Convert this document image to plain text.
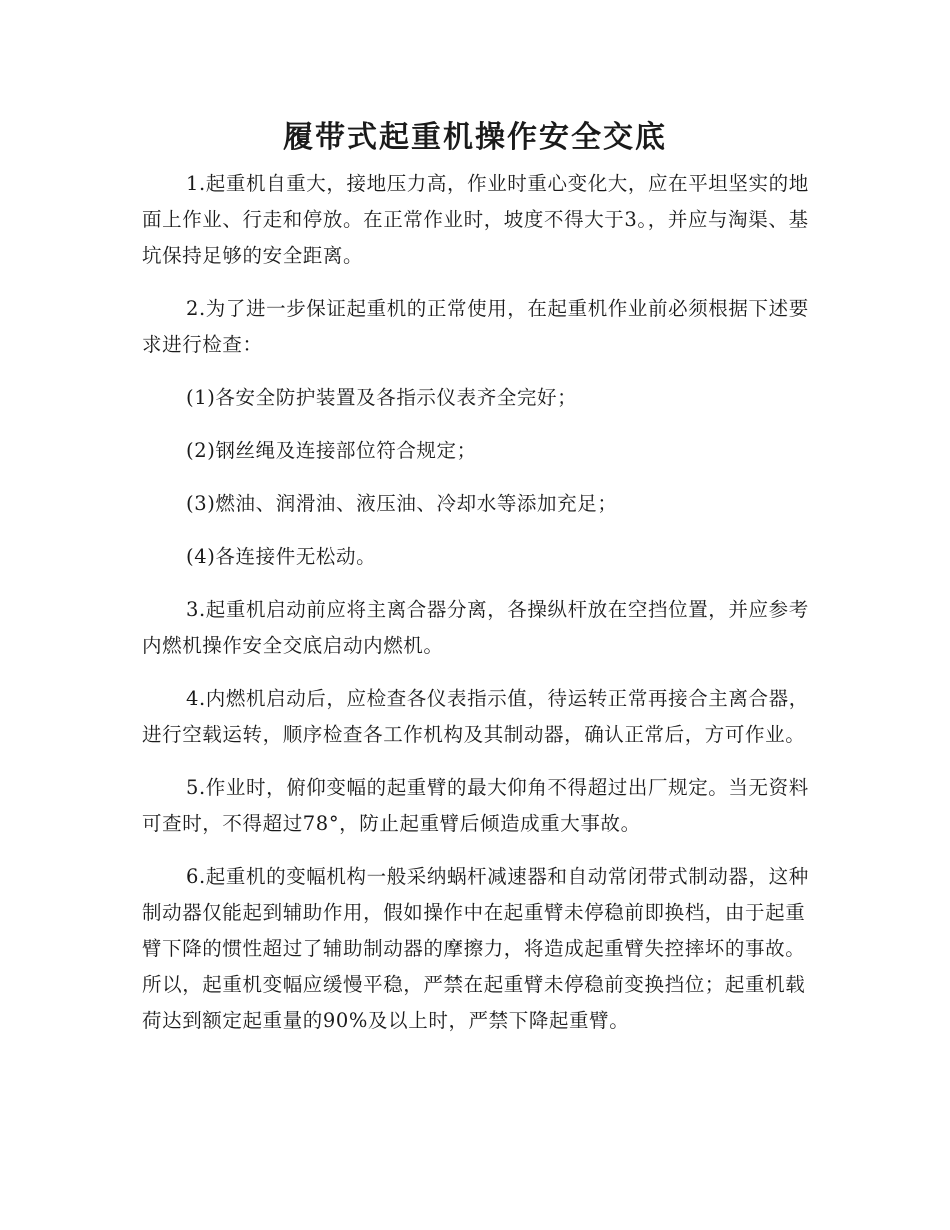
履带式起重机操作安全交底

1.起重机自重大，接地压力高，作业时重心变化大，应在平坦坚实的地面上作业、行走和停放。在正常作业时，坡度不得大于3。，并应与淘渠、基坑保持足够的安全距离。

2.为了进一步保证起重机的正常使用，在起重机作业前必须根据下述要求进行检查：

(1)各安全防护装置及各指示仪表齐全完好；

(2)钢丝绳及连接部位符合规定；

(3)燃油、润滑油、液压油、冷却水等添加充足；

(4)各连接件无松动。

3.起重机启动前应将主离合器分离，各操纵杆放在空挡位置，并应参考内燃机操作安全交底启动内燃机。

4.内燃机启动后，应检查各仪表指示值，待运转正常再接合主离合器，进行空载运转，顺序检查各工作机构及其制动器，确认正常后，方可作业。

5.作业时，俯仰变幅的起重臂的最大仰角不得超过出厂规定。当无资料可查时，不得超过78°，防止起重臂后倾造成重大事故。

6.起重机的变幅机构一般采纳蜗杆减速器和自动常闭带式制动器，这种制动器仅能起到辅助作用，假如操作中在起重臂未停稳前即换档，由于起重臂下降的惯性超过了辅助制动器的摩擦力，将造成起重臂失控摔坏的事故。所以，起重机变幅应缓慢平稳，严禁在起重臂未停稳前变换挡位；起重机载荷达到额定起重量的90%及以上时，严禁下降起重臂。
